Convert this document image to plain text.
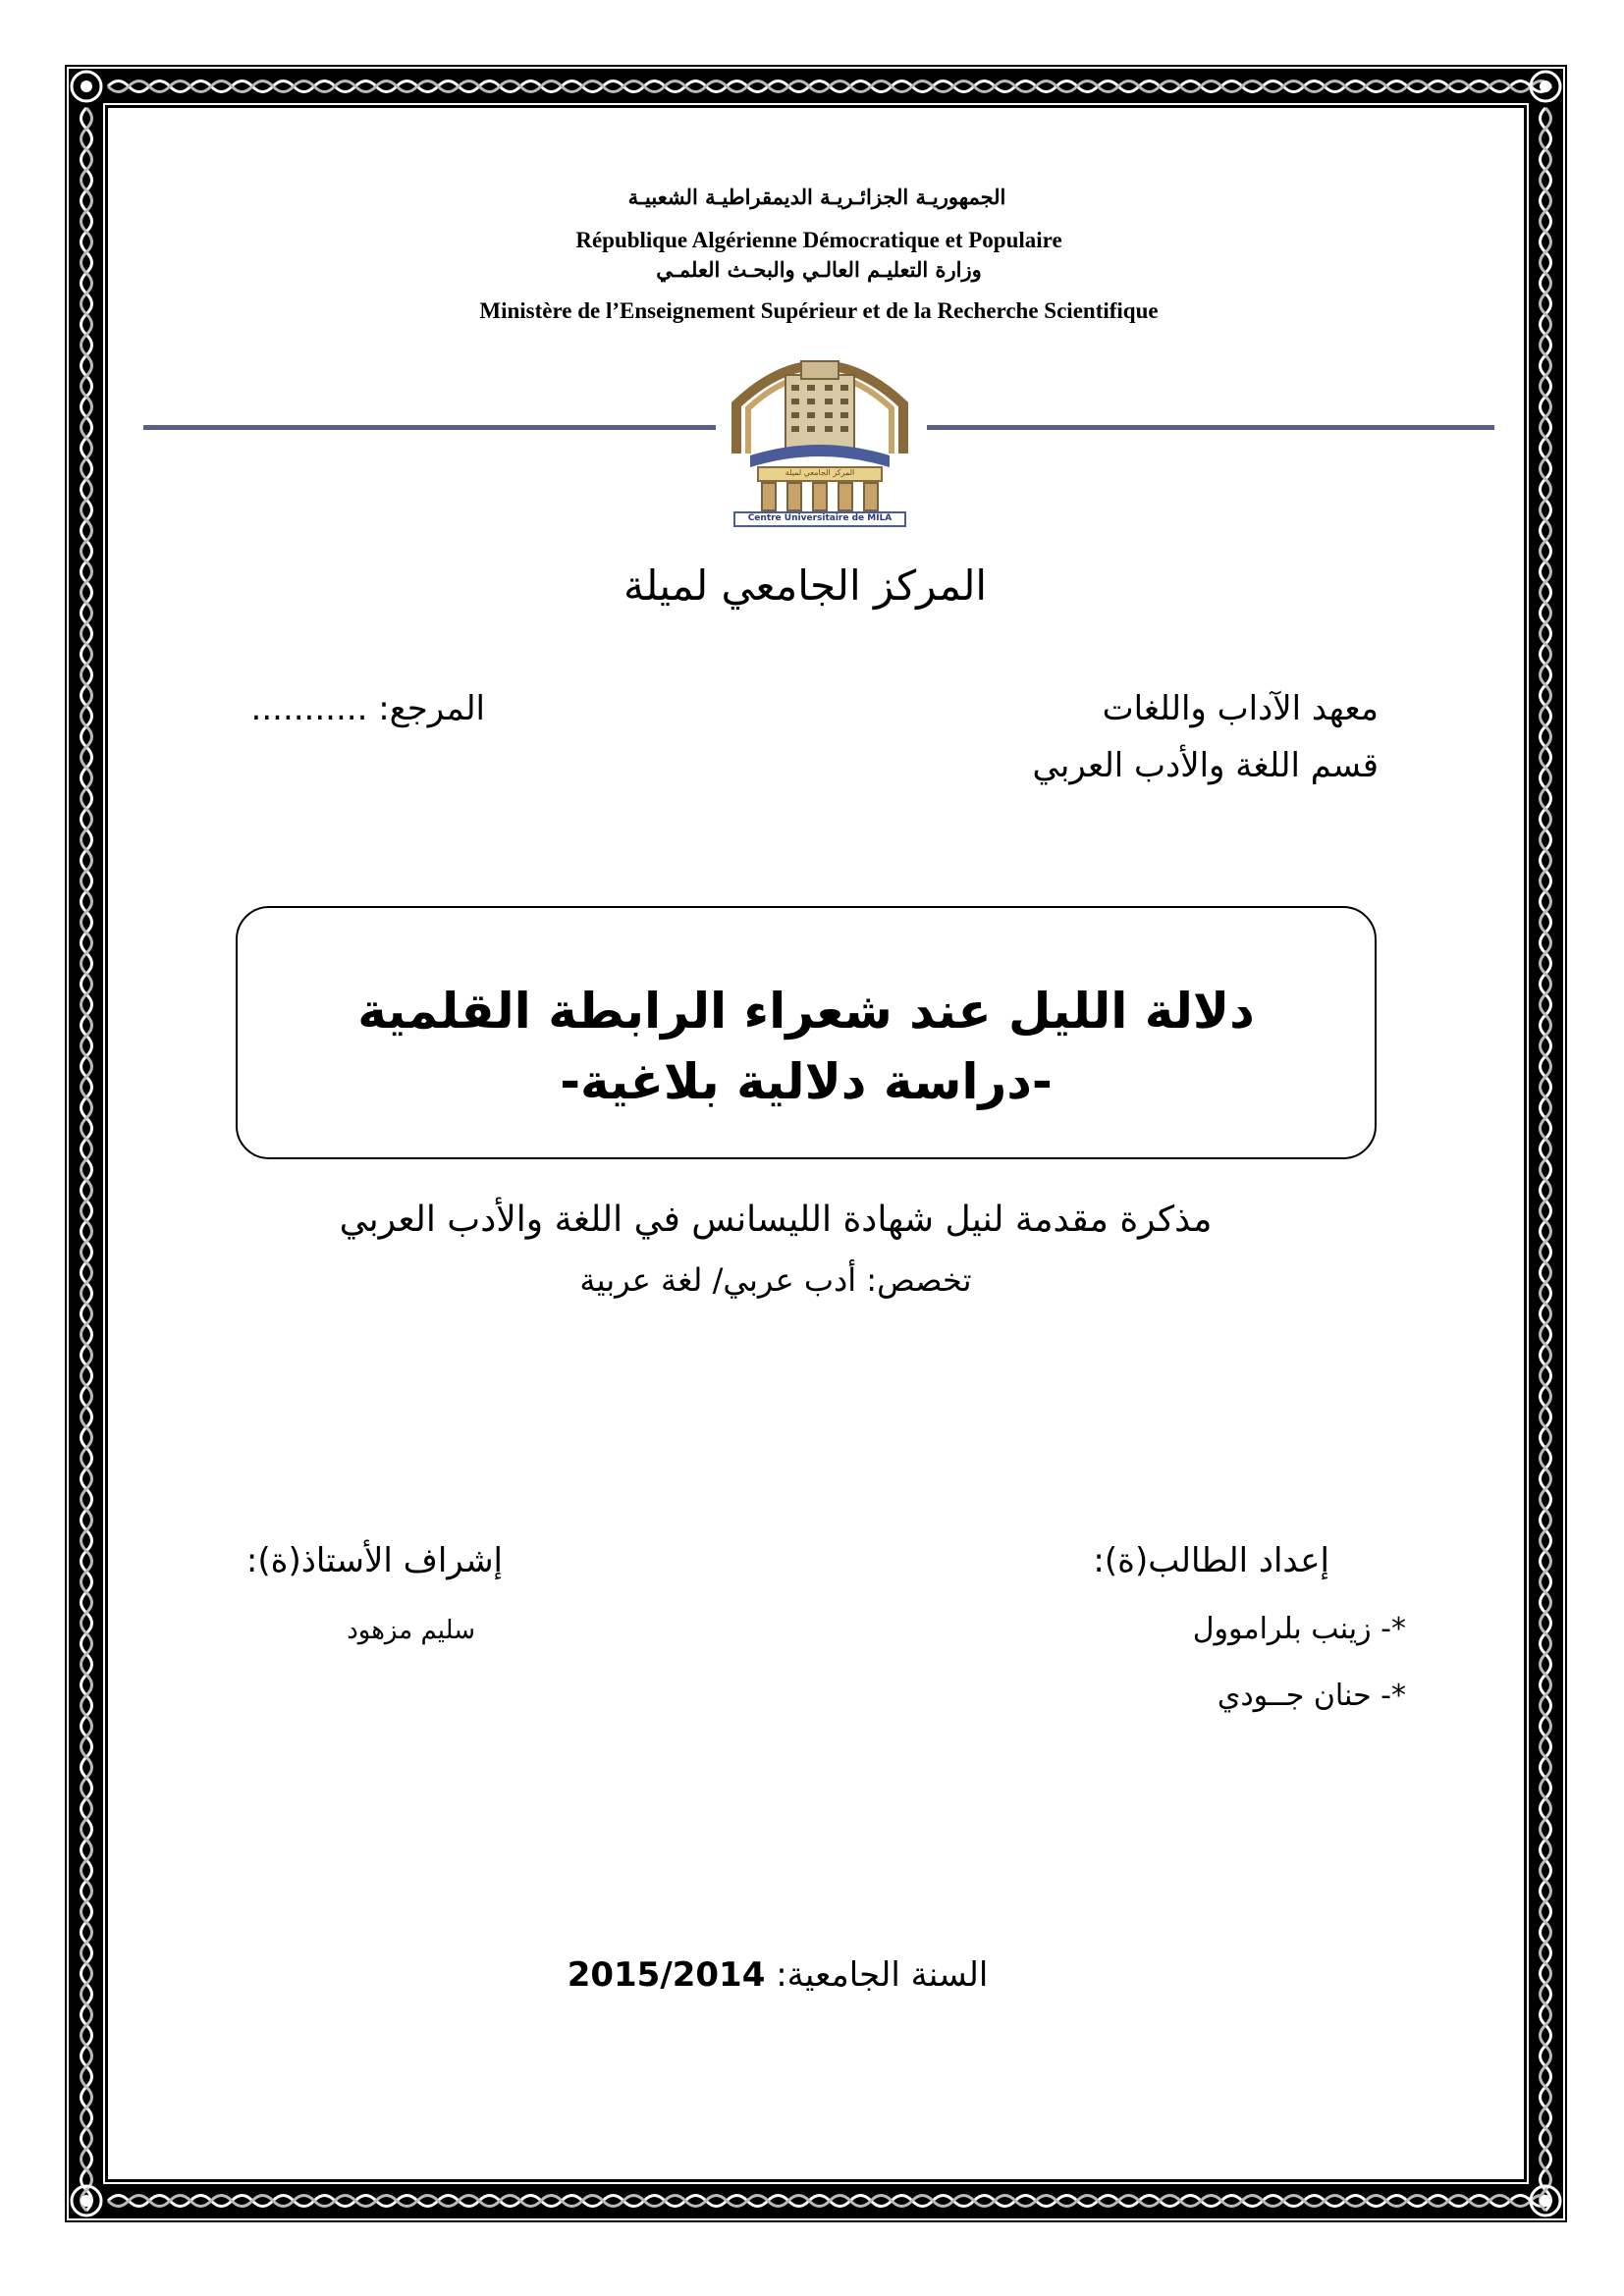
الجمهوريـة الجزائـريـة الديمقراطيـة الشعبيـة
République Algérienne Démocratique et Populaire
وزارة التعليـم العالـي والبحـث العلمـي
Ministère de l’Enseignement Supérieur et de la Recherche Scientifique
Centre Universitaire de MILA
المركز الجامعي لميلة
المركز الجامعي لميلة
معهد الآداب واللغات
قسم اللغة والأدب العربي
المرجع: ...........
دلالة الليل عند شعراء الرابطة القلمية
-دراسة دلالية بلاغية-
مذكرة مقدمة لنيل شهادة الليسانس في اللغة والأدب العربي
تخصص: أدب عربي/ لغة عربية
إعداد الطالب(ة):
*- زينب بلراموول
*- حنان جــودي
إشراف الأستاذ(ة):
سليم مزهود
السنة الجامعية: 2015/2014
